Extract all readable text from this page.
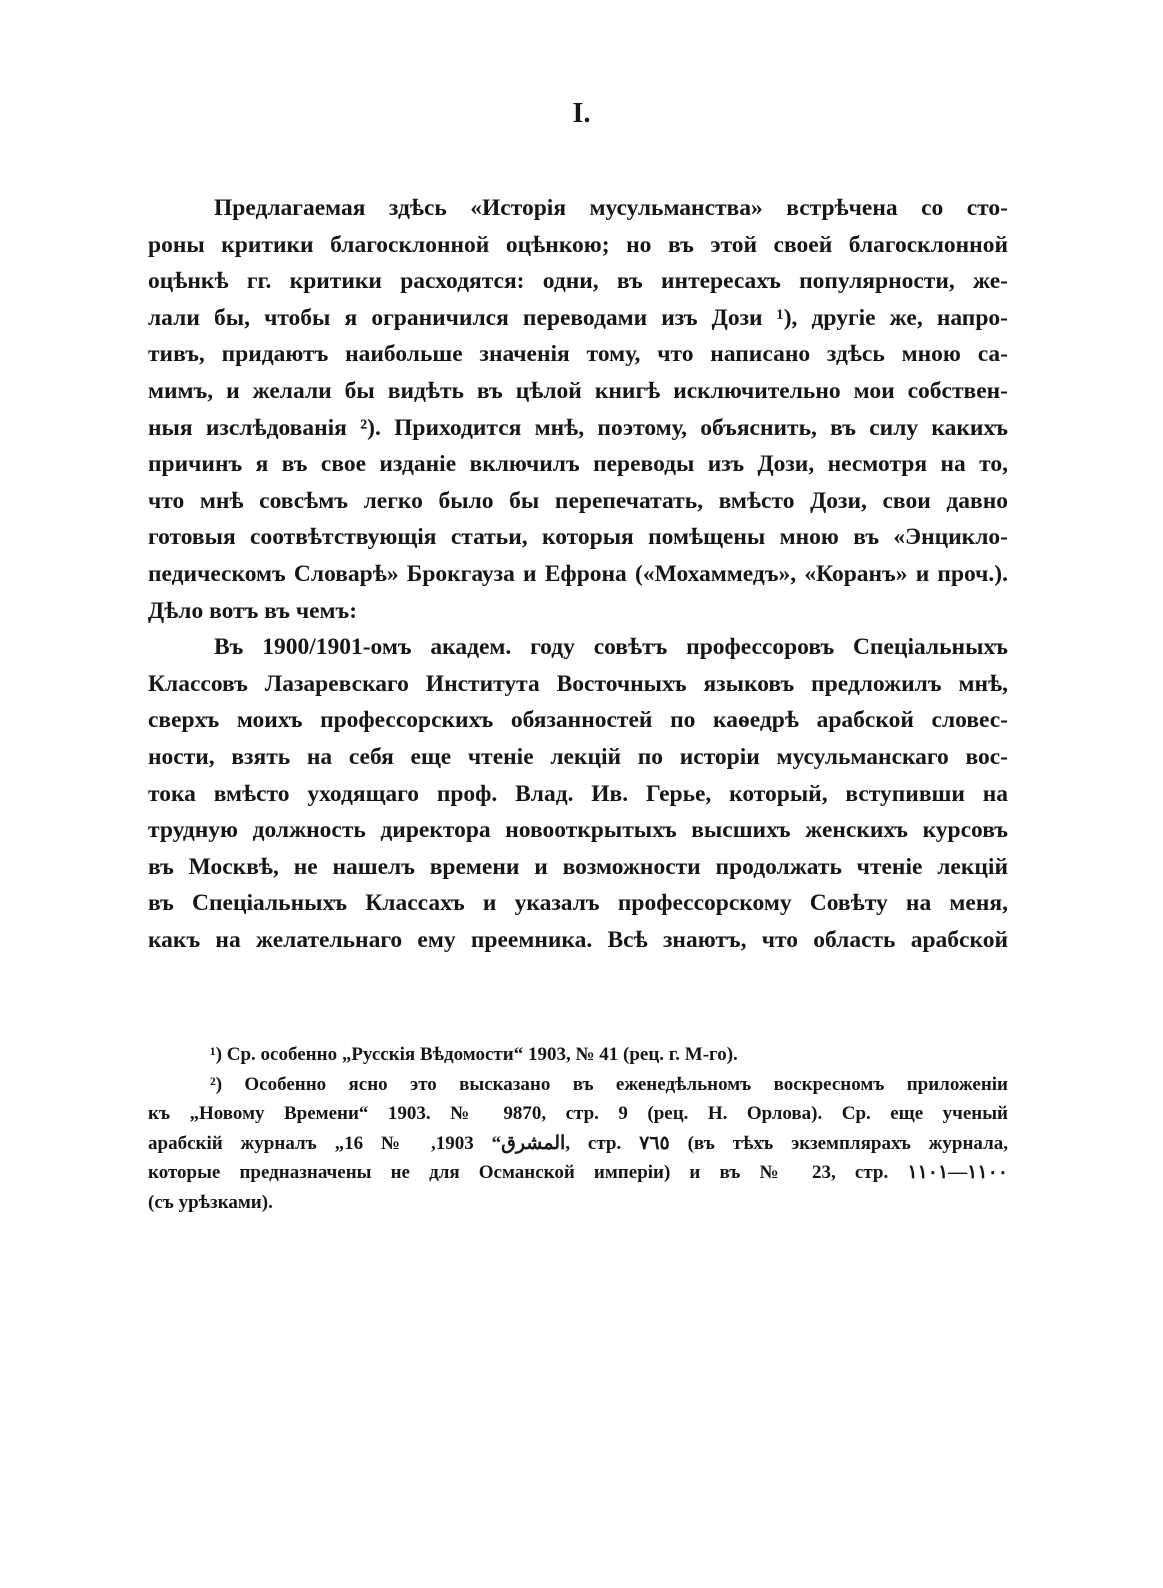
I.
Предлагаемая здѣсь «Исторія мусульманства» встрѣчена со сто-
роны критики благосклонной оцѣнкою; но въ этой своей благосклонной
оцѣнкѣ гг. критики расходятся: одни, въ интересахъ популярности, же-
лали бы, чтобы я ограничился переводами изъ Дози ¹), другіе же, напро-
тивъ, придаютъ наибольше значенія тому, что написано здѣсь мною са-
мимъ, и желали бы видѣть въ цѣлой книгѣ исключительно мои собствен-
ныя изслѣдованія ²). Приходится мнѣ, поэтому, объяснить, въ силу какихъ
причинъ я въ свое изданіе включилъ переводы изъ Дози, несмотря на то,
что мнѣ совсѣмъ легко было бы перепечатать, вмѣсто Дози, свои давно
готовыя соотвѣтствующія статьи, которыя помѣщены мною въ «Энциклo-
педическомъ Словарѣ» Брокгауза и Ефрона («Мохаммедъ», «Коранъ» и проч.).
Дѣло вотъ въ чемъ:
Въ 1900/1901-омъ академ. году совѣтъ профессоровъ Спеціальныхъ
Классовъ Лазаревскаго Института Восточныхъ языковъ предложилъ мнѣ,
сверхъ моихъ профессорскихъ обязанностей по каѳедрѣ арабской словес-
ности, взять на себя еще чтеніе лекцій по исторіи мусульманскаго вос-
тока вмѣсто уходящаго проф. Влад. Ив. Герье, который, вступивши на
трудную должность директора новооткрытыхъ высшихъ женскихъ курсовъ
въ Москвѣ, не нашелъ времени и возможности продолжать чтеніе лекцій
въ Спеціальныхъ Классахъ и указалъ профессорскому Совѣту на меня,
какъ на желательнаго ему преемника. Всѣ знаютъ, что область арабской
¹) Ср. особенно „Русскія Вѣдомости“ 1903, № 41 (рец. г. М-го).
²) Особенно ясно это высказано въ еженедѣльномъ воскресномъ приложеніи
къ „Новому Времени“ 1903. № 9870, стр. 9 (рец. Н. Орлова). Ср. еще ученый
арабскій журналъ „المشرق“ 1903, № 16, стр. ٧٦٥ (въ тѣхъ экземплярахъ журнала,
которые предназначены не для Османской имперіи) и въ № 23, стр. ١١٠٠—١١٠١
(съ урѣзками).
